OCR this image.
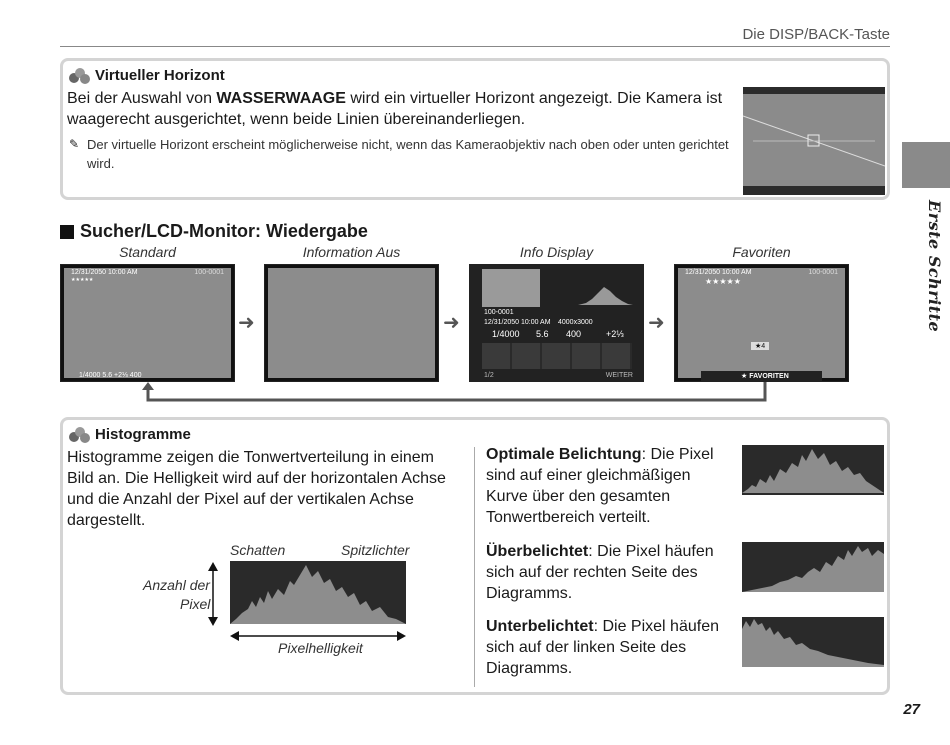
Die DISP/BACK-Taste
Erste Schritte
Virtueller Horizont
Bei der Auswahl von WASSERWAAGE wird ein virtueller Horizont angezeigt. Die Kamera ist waagerecht ausgerichtet, wenn beide Linien übereinanderliegen.
✎ Der virtuelle Horizont erscheint möglicherweise nicht, wenn das Kameraobjektiv nach oben oder unten gerichtet wird.
Sucher/LCD-Monitor: Wiedergabe
Standard	Information Aus	Info Display	Favoriten
12/31/2050 10:00 AM	100-0001
★★★★★
1/4000 5.6 +2⅓ 400
➜	➜	100-0001
12/31/2050 10:00 AM 4000x3000
1/4000 5.6 400	+2⅓
1/2	WEITER
➜
12/31/2050 10:00 AM	100-0001
★★★★★
★4
★ FAVORITEN
Histogramme
Histogramme zeigen die Tonwertverteilung in einem Bild an. Die Helligkeit wird auf der horizontalen Achse und die Anzahl der Pixel auf der vertikalen Achse dargestellt.
Schatten	Spitzlichter
Anzahl der
Pixel
Pixelhelligkeit
Optimale Belichtung: Die Pixel sind auf einer gleichmäßigen Kurve über den gesamten Tonwertbereich verteilt.
Überbelichtet: Die Pixel häufen sich auf der rechten Seite des Diagramms.
Unterbelichtet: Die Pixel häufen sich auf der linken Seite des Diagramms.
27
